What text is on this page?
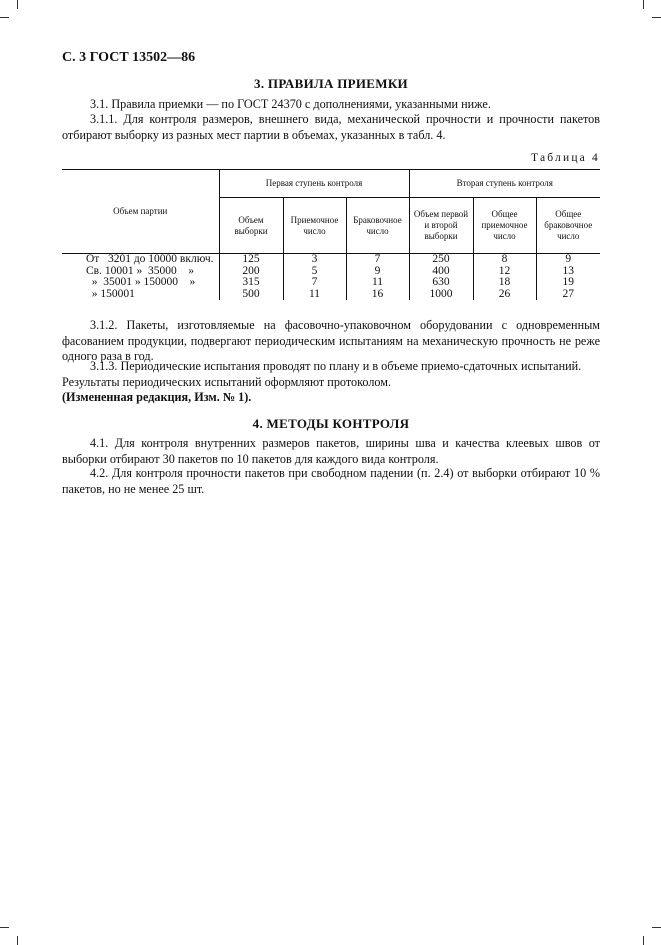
С. 3 ГОСТ 13502—86
3. ПРАВИЛА ПРИЕМКИ

3.1. Правила приемки — по ГОСТ 24370 с дополнениями, указанными ниже.

3.1.1. Для контроля размеров, внешнего вида, механической прочности и прочности пакетов отбирают выборку из разных мест партии в объемах, указанных в табл. 4.

Таблица 4
Объем партии	Первая ступень контроля			Вторая ступень контроля		
	Объем выборки	Приемочное число	Браковочное число	Объем первой и второй выборки	Общее приемочное число	Общее браковочное число
От   3201 до 10000 включ.	125	3	7	250	8	9
Св. 10001 »  35000    »	200	5	9	400	12	13
»  35001 » 150000    »	315	7	11	630	18	19
» 150001	500	11	16	1000	26	27

3.1.2. Пакеты, изготовляемые на фасовочно-упаковочном оборудовании с одновременным фасованием продукции, подвергают периодическим испытаниям на механическую прочность не реже одного раза в год.

3.1.3. Периодические испытания проводят по плану и в объеме приемо-сдаточных испытаний.

Результаты периодических испытаний оформляют протоколом.

(Измененная редакция, Изм. № 1).

4. МЕТОДЫ КОНТРОЛЯ

4.1. Для контроля внутренних размеров пакетов, ширины шва и качества клеевых швов от выборки отбирают 30 пакетов по 10 пакетов для каждого вида контроля.

4.2. Для контроля прочности пакетов при свободном падении (п. 2.4) от выборки отбирают 10 % пакетов, но не менее 25 шт.
